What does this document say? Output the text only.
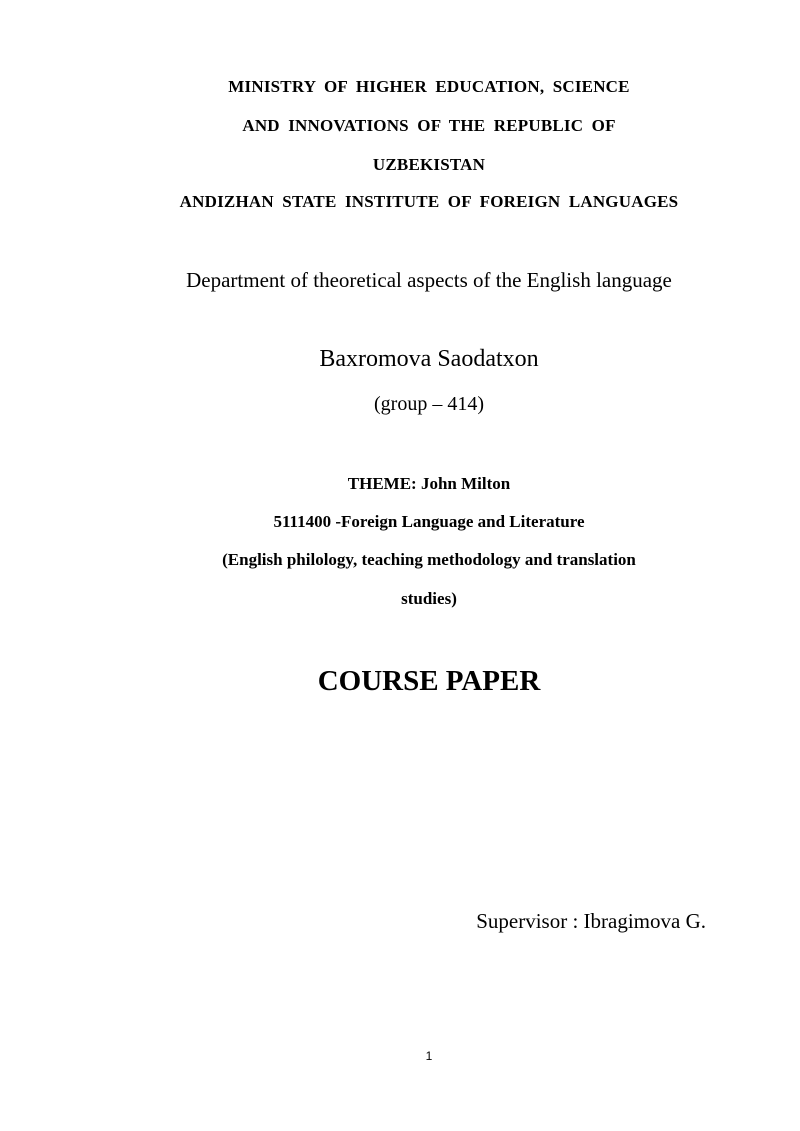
MINISTRY OF HIGHER EDUCATION, SCIENCE
AND INNOVATIONS OF THE REPUBLIC OF
UZBEKISTAN
ANDIZHAN STATE INSTITUTE OF FOREIGN LANGUAGES
Department of theoretical aspects of the English language
Baxromova Saodatxon
(group – 414)
THEME: John Milton
5111400 -Foreign Language and Literature
(English philology, teaching methodology and translation
studies)
COURSE PAPER
Supervisor : Ibragimova G.
1
